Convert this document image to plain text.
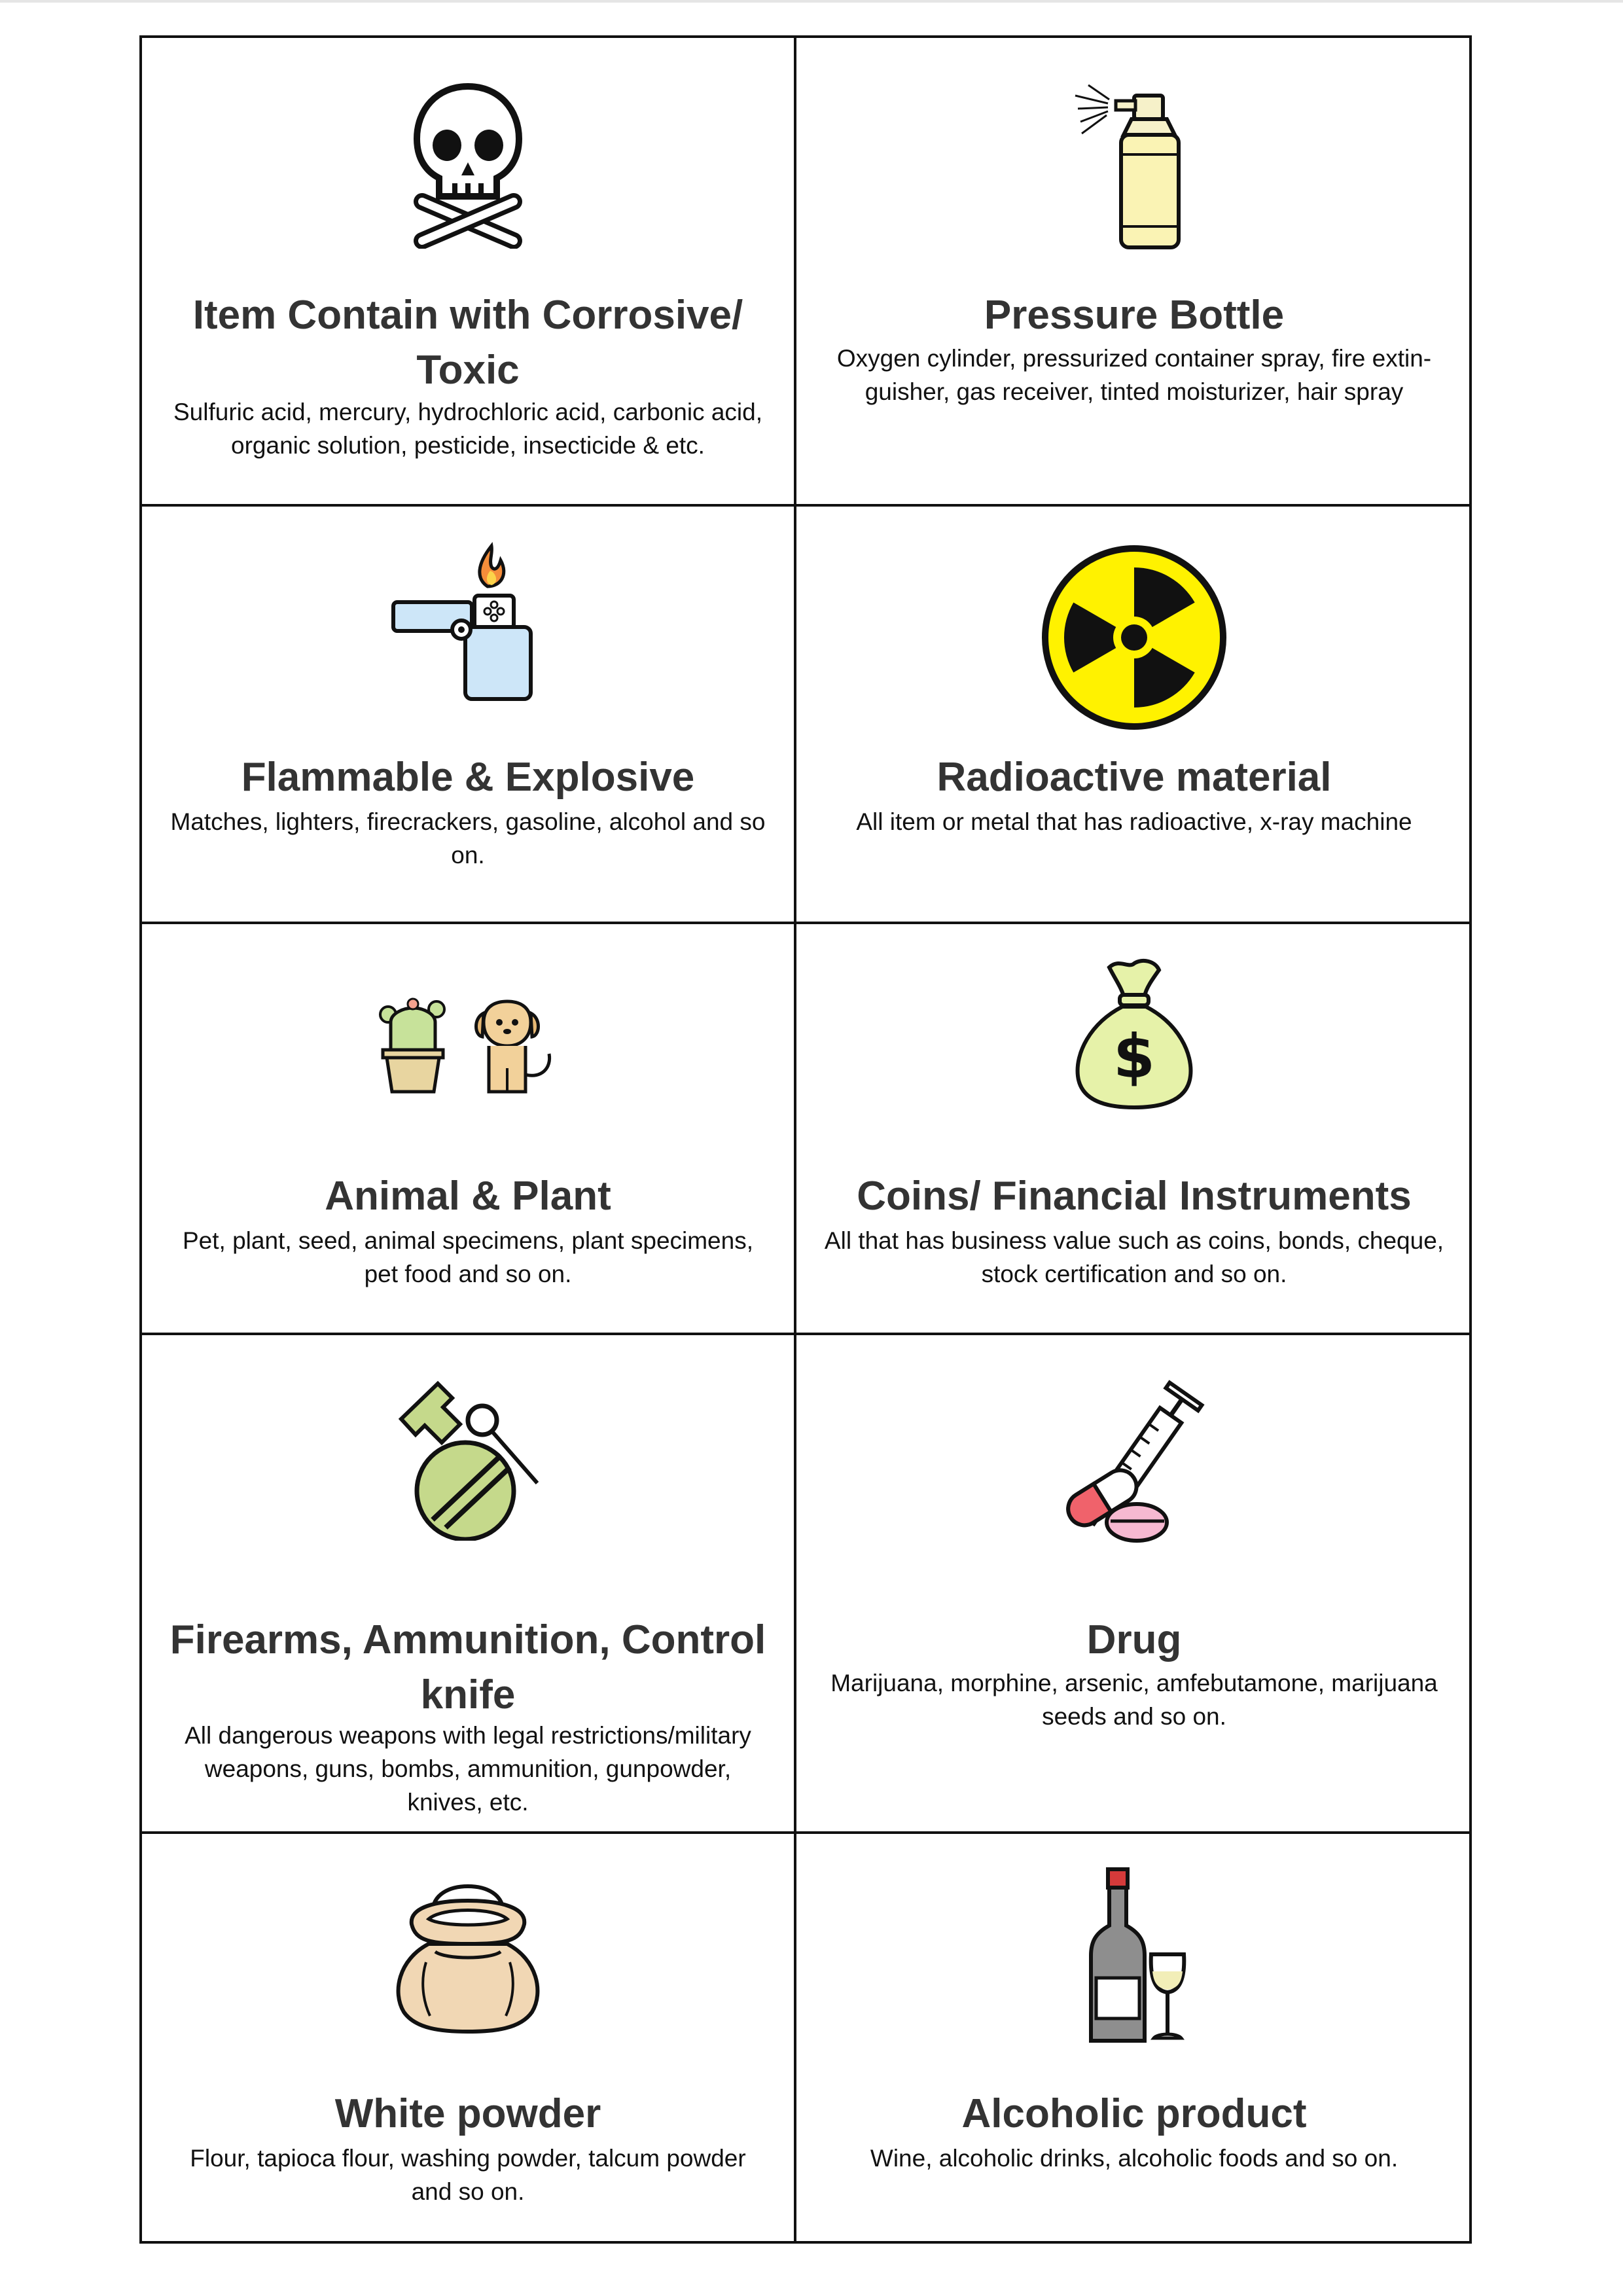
Item Contain with Corrosive/ Toxic
Sulfuric acid, mercury, hydrochloric acid, carbonic acid, organic solution, pesticide, insecticide & etc.
Pressure Bottle
Oxygen cylinder, pressurized container spray, fire extin-guisher, gas receiver, tinted moisturizer, hair spray
Flammable & Explosive
Matches, lighters, firecrackers, gasoline, alcohol and so on.
Radioactive material
All item or metal that has radioactive, x-ray machine
Animal & Plant
Pet, plant, seed, animal specimens, plant specimens, pet food and so on.
$
Coins/ Financial Instruments
All that has business value such as coins, bonds, cheque, stock certification and so on.
Firearms, Ammunition, Control knife
All dangerous weapons with legal restrictions/military weapons, guns, bombs, ammunition, gunpowder, knives, etc.
Drug
Marijuana, morphine, arsenic, amfebutamone, marijuana seeds and so on.
White powder
Flour, tapioca flour, washing powder, talcum powder and so on.
Alcoholic product
Wine, alcoholic drinks, alcoholic foods and so on.
